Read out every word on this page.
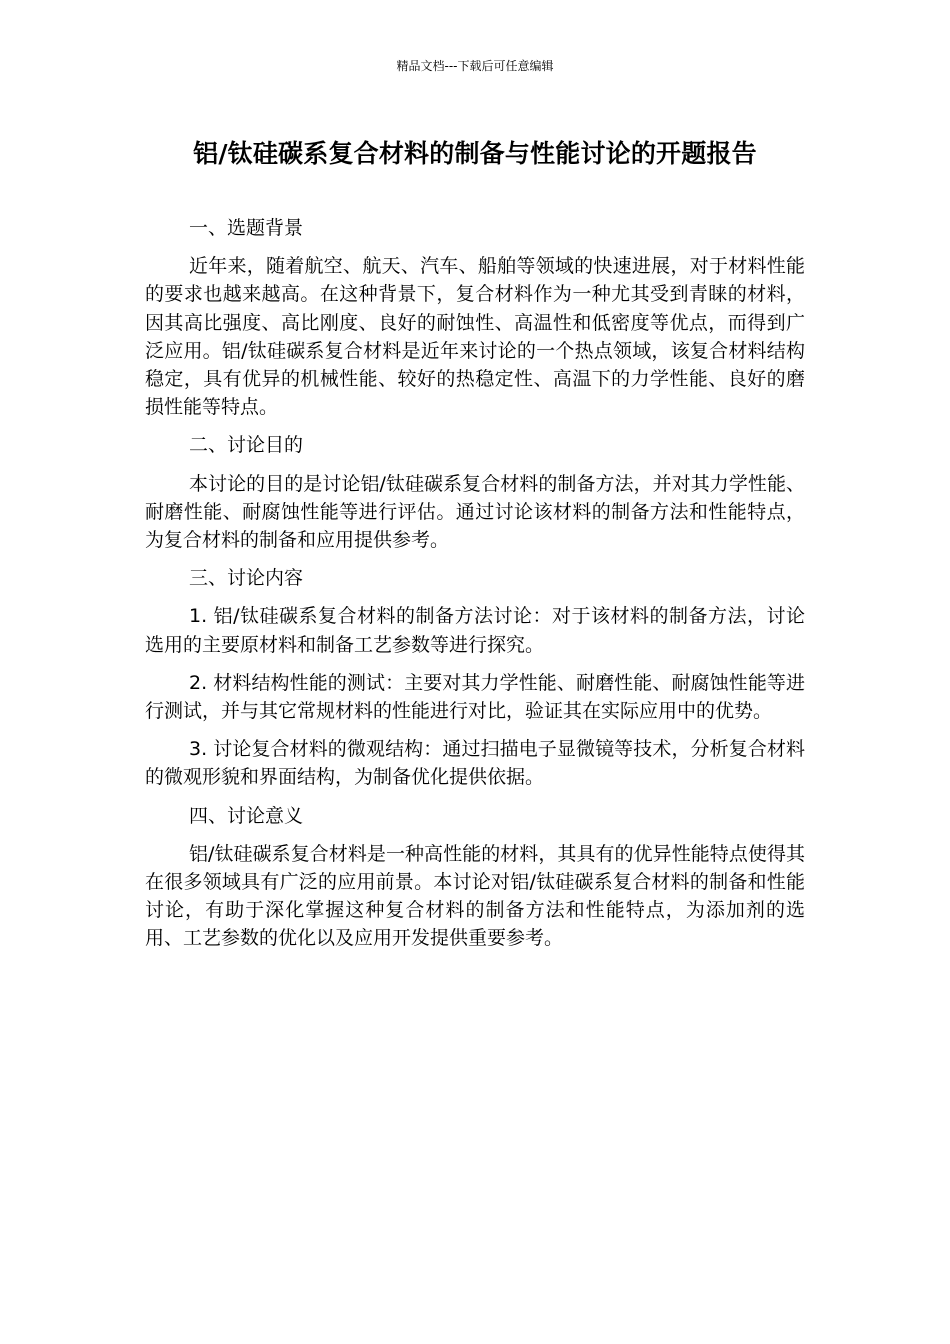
精品文档---下载后可任意编辑
铝/钛硅碳系复合材料的制备与性能讨论的开题报告
一、选题背景
近年来，随着航空、航天、汽车、船舶等领域的快速进展，对于材料性能的要求也越来越高。在这种背景下，复合材料作为一种尤其受到青睐的材料，因其高比强度、高比刚度、良好的耐蚀性、高温性和低密度等优点，而得到广泛应用。铝/钛硅碳系复合材料是近年来讨论的一个热点领域，该复合材料结构稳定，具有优异的机械性能、较好的热稳定性、高温下的力学性能、良好的磨损性能等特点。
二、讨论目的
本讨论的目的是讨论铝/钛硅碳系复合材料的制备方法，并对其力学性能、耐磨性能、耐腐蚀性能等进行评估。通过讨论该材料的制备方法和性能特点，为复合材料的制备和应用提供参考。
三、讨论内容
1. 铝/钛硅碳系复合材料的制备方法讨论：对于该材料的制备方法，讨论选用的主要原材料和制备工艺参数等进行探究。
2. 材料结构性能的测试：主要对其力学性能、耐磨性能、耐腐蚀性能等进行测试，并与其它常规材料的性能进行对比，验证其在实际应用中的优势。
3. 讨论复合材料的微观结构：通过扫描电子显微镜等技术，分析复合材料的微观形貌和界面结构，为制备优化提供依据。
四、讨论意义
铝/钛硅碳系复合材料是一种高性能的材料，其具有的优异性能特点使得其在很多领域具有广泛的应用前景。本讨论对铝/钛硅碳系复合材料的制备和性能讨论，有助于深化掌握这种复合材料的制备方法和性能特点，为添加剂的选用、工艺参数的优化以及应用开发提供重要参考。
